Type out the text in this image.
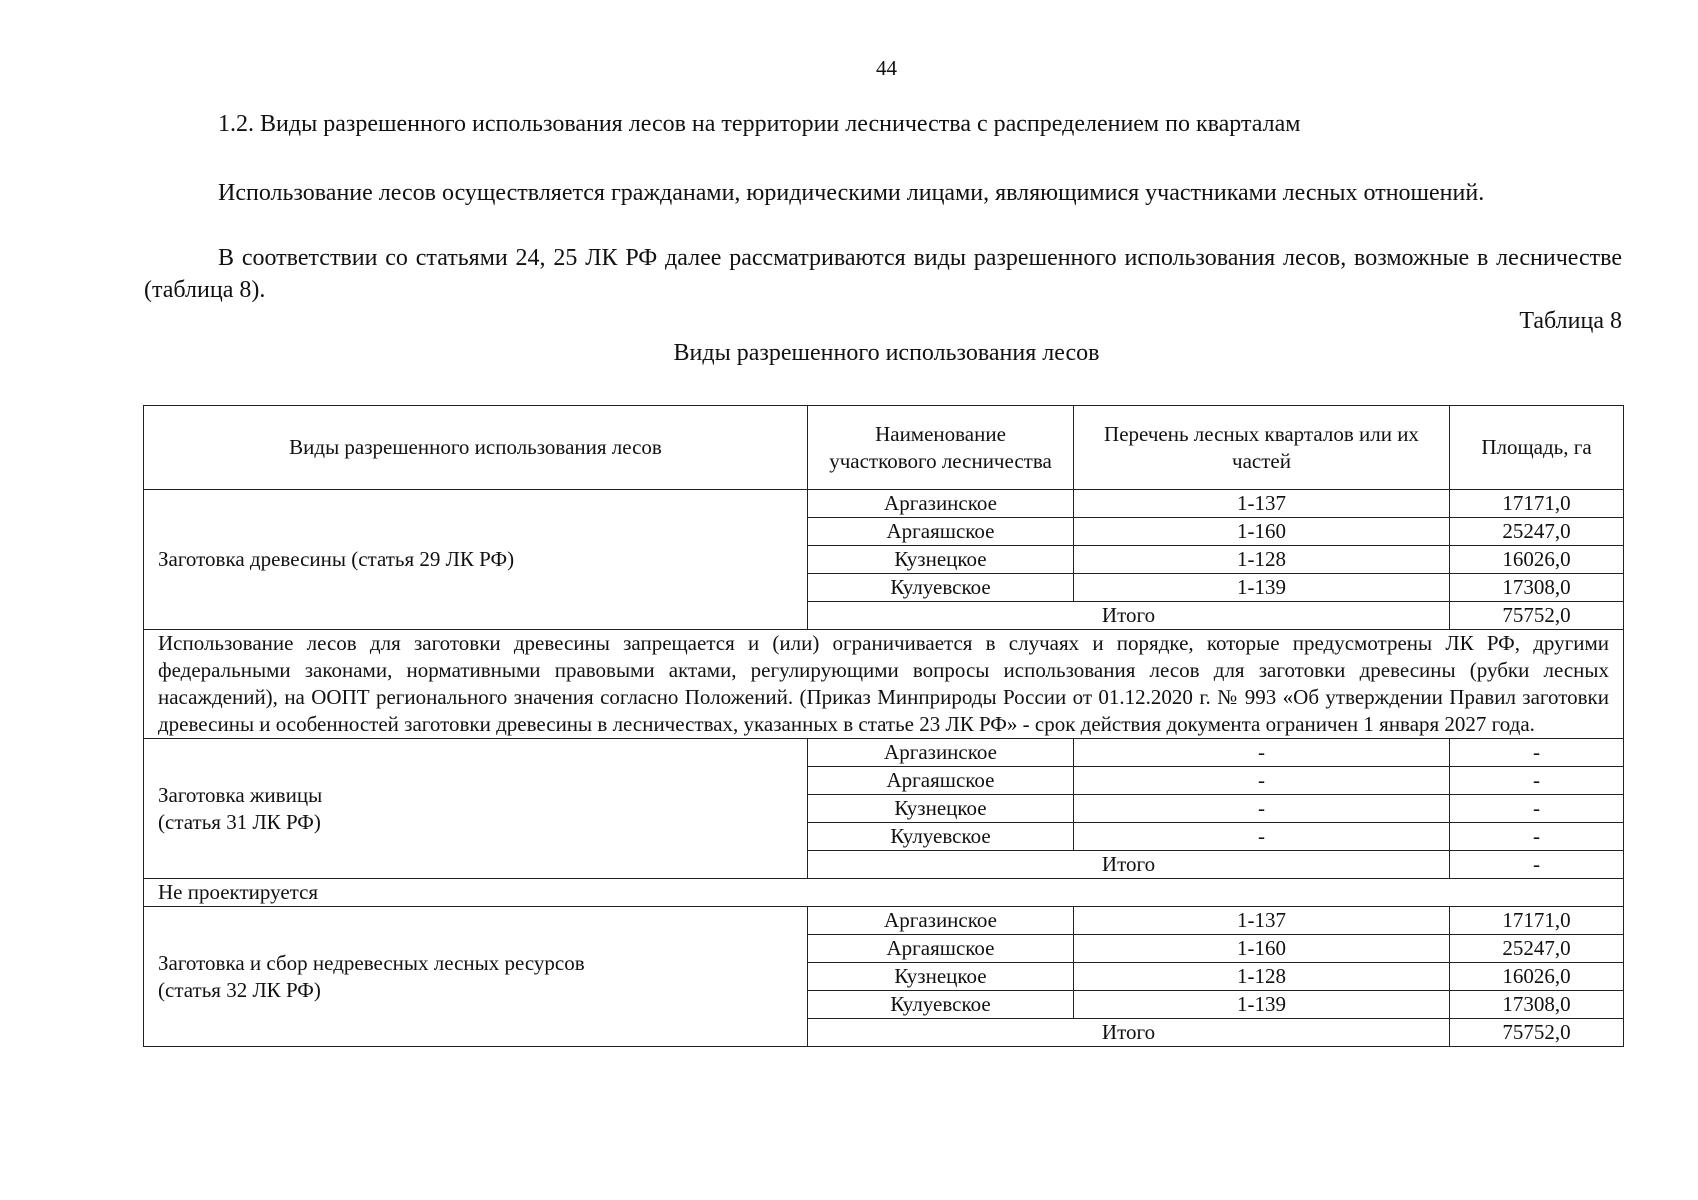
44
1.2. Виды разрешенного использования лесов на территории лесничества с распределением по кварталам
Использование лесов осуществляется гражданами, юридическими лицами, являющимися участниками лесных отношений.
В соответствии со статьями 24, 25 ЛК РФ далее рассматриваются виды разрешенного использования лесов, возможные в лесничестве (таблица 8).
Таблица 8
Виды разрешенного использования лесов
Виды разрешенного использования лесов	Наименование участкового лесничества	Перечень лесных кварталов или их частей	Площадь, га
Заготовка древесины (статья 29 ЛК РФ)	Аргазинское	1-137	17171,0
	Аргаяшское	1-160	25247,0
	Кузнецкое	1-128	16026,0
	Кулуевское	1-139	17308,0
	Итого		75752,0
Использование лесов для заготовки древесины запрещается и (или) ограничивается в случаях и порядке, которые предусмотрены ЛК РФ, другими федеральными законами, нормативными правовыми актами, регулирующими вопросы использования лесов для заготовки древесины (рубки лесных насаждений), на ООПТ регионального значения согласно Положений. (Приказ Минприроды России от 01.12.2020 г. № 993 «Об утверждении Правил заготовки древесины и особенностей заготовки древесины в лесничествах, указанных в статье 23 ЛК РФ» - срок действия документа ограничен 1 января 2027 года.			

Заготовка живицы
(статья 31 ЛК РФ)	Аргазинское	-	-
	Аргаяшское	-	-
	Кузнецкое	-	-
	Кулуевское	-	-
	Итого		-
Не проектируется			

Заготовка и сбор недревесных лесных ресурсов
(статья 32 ЛК РФ)	Аргазинское	1-137	17171,0
	Аргаяшское	1-160	25247,0
	Кузнецкое	1-128	16026,0
	Кулуевское	1-139	17308,0
	Итого		75752,0
